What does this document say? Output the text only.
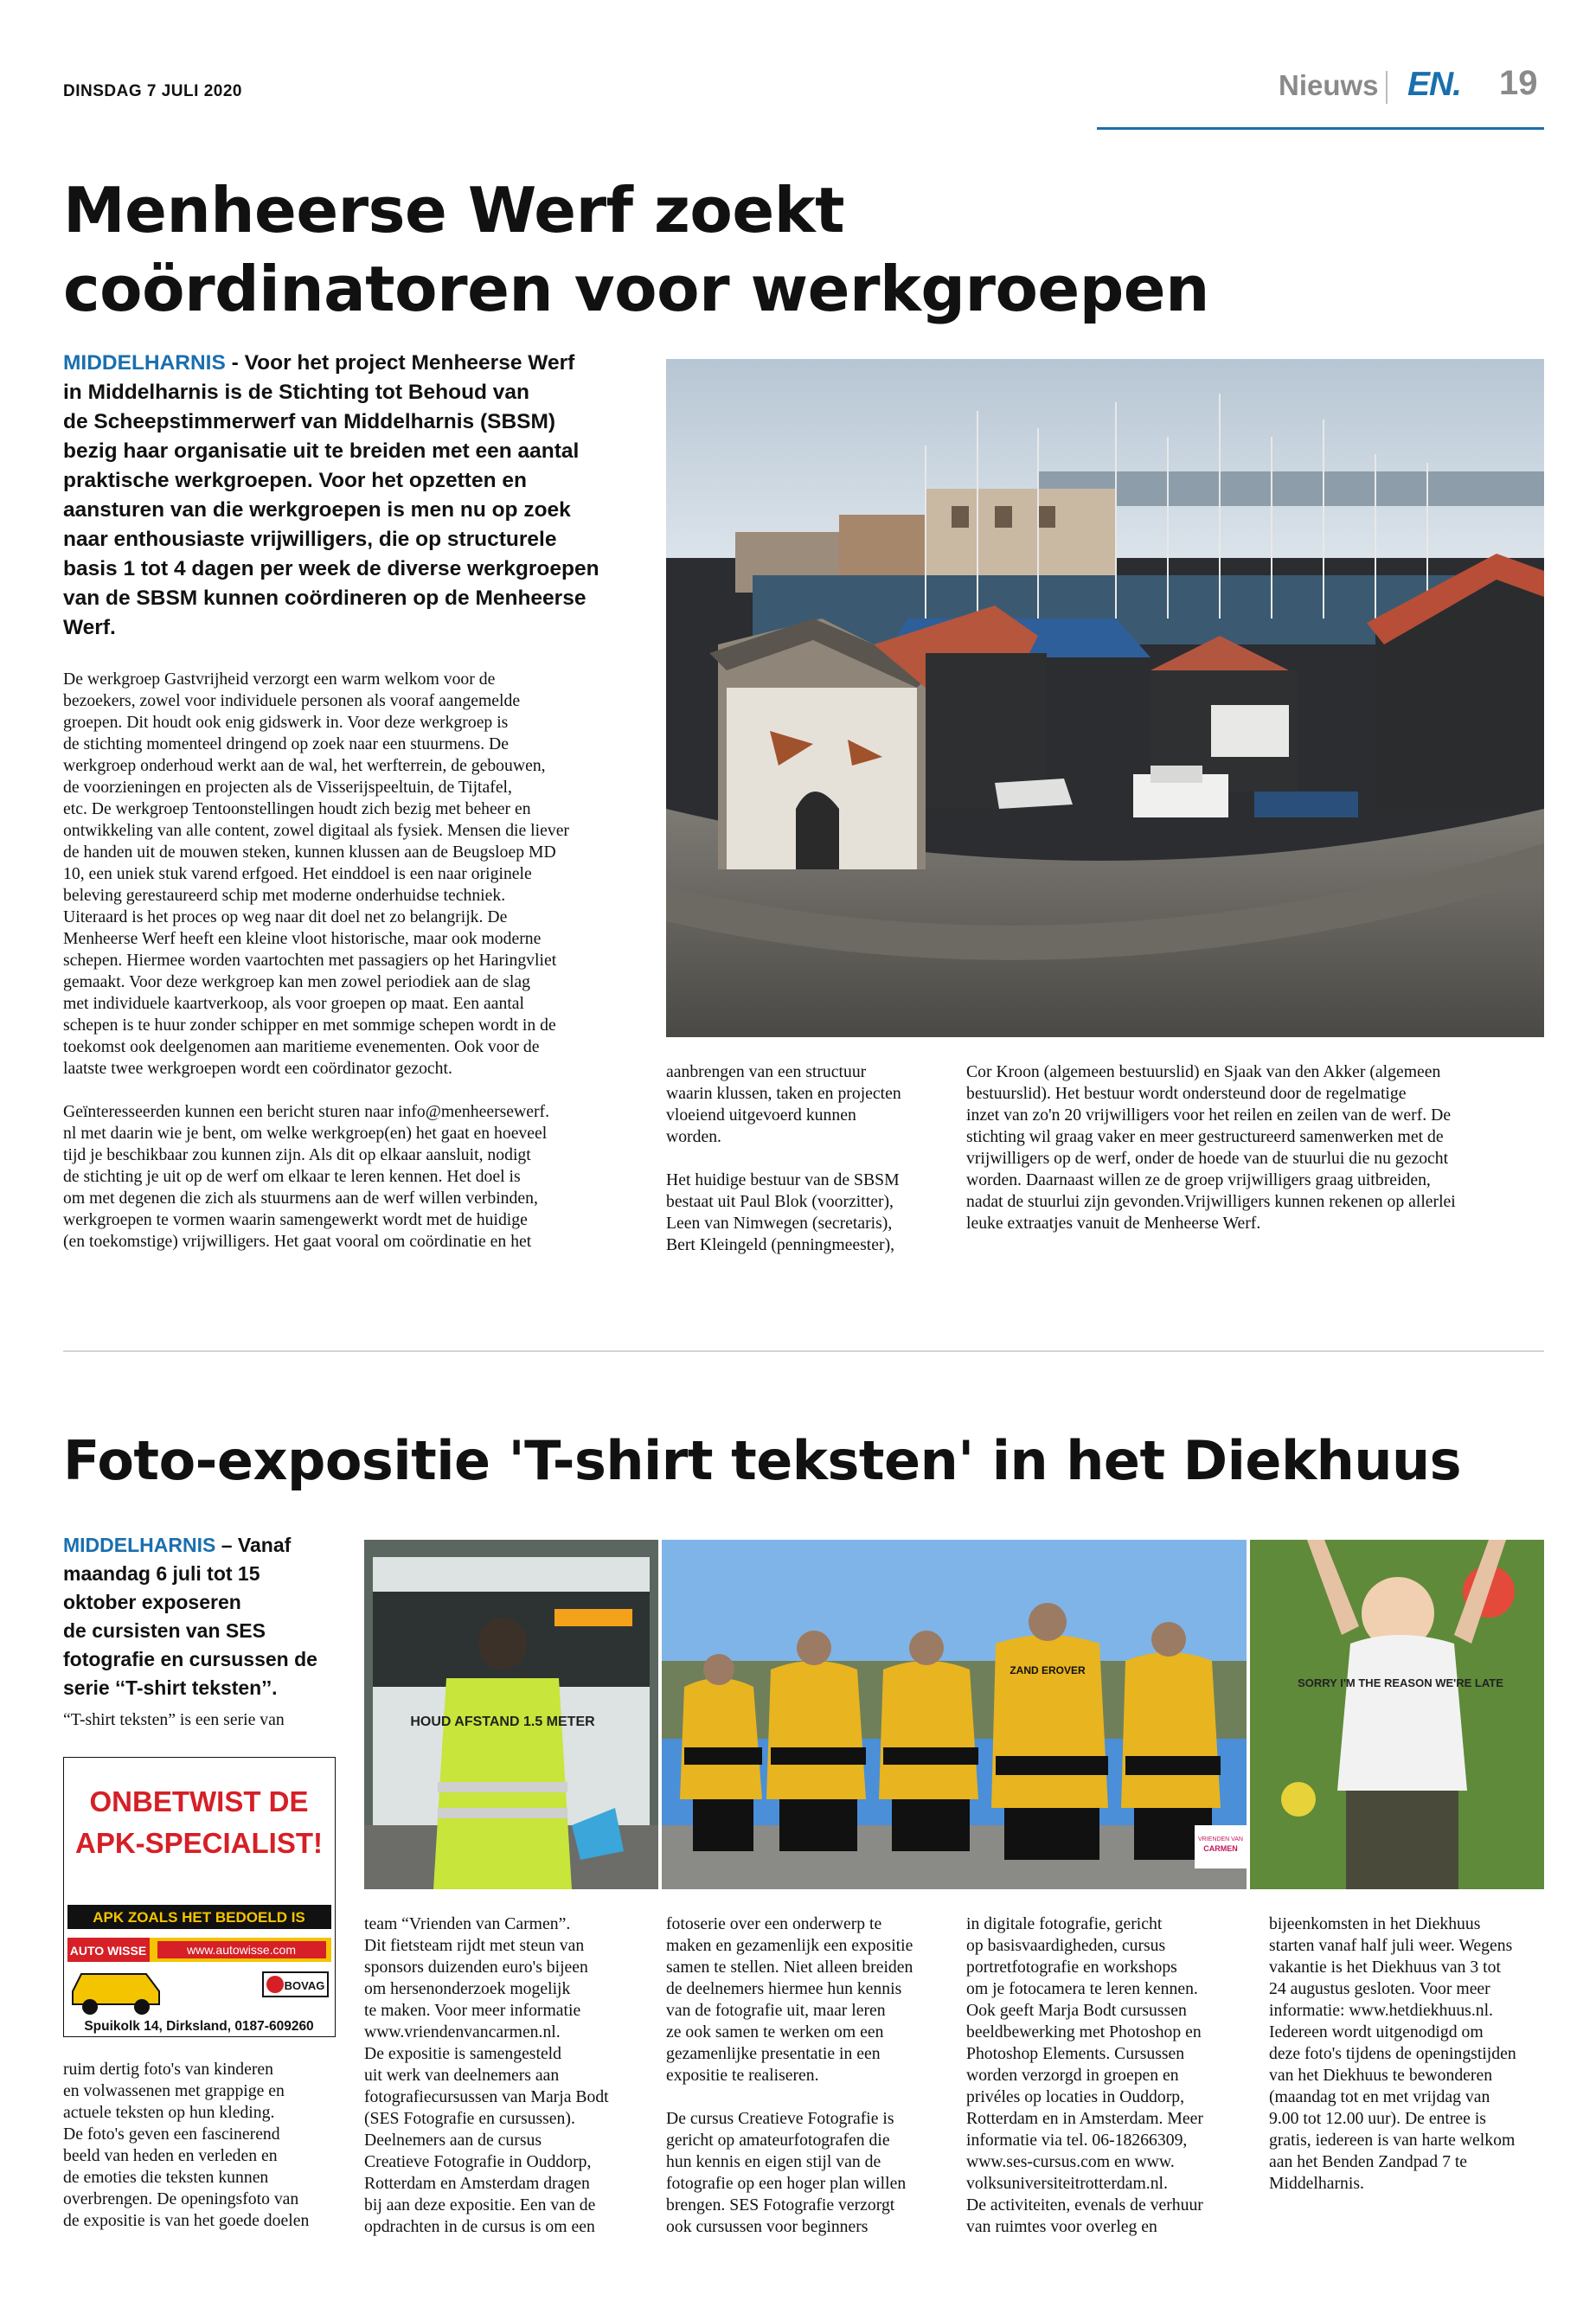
DINSDAG 7 JULI 2020	Nieuws EN. 19
Menheerse Werf zoekt
coördinatoren voor werkgroepen
MIDDELHARNIS - Voor het project Menheerse Werf
in Middelharnis is de Stichting tot Behoud van
de Scheepstimmerwerf van Middelharnis (SBSM)
bezig haar organisatie uit te breiden met een aantal
praktische werkgroepen. Voor het opzetten en
aansturen van die werkgroepen is men nu op zoek
naar enthousiaste vrijwilligers, die op structurele
basis 1 tot 4 dagen per week de diverse werkgroepen
van de SBSM kunnen coördineren op de Menheerse
Werf.

De werkgroep Gastvrijheid verzorgt een warm welkom voor de
bezoekers, zowel voor individuele personen als vooraf aangemelde
groepen. Dit houdt ook enig gidswerk in. Voor deze werkgroep is
de stichting momenteel dringend op zoek naar een stuurmens. De
werkgroep onderhoud werkt aan de wal, het werfterrein, de gebouwen,
de voorzieningen en projecten als de Visserijspeeltuin, de Tijtafel,
etc. De werkgroep Tentoonstellingen houdt zich bezig met beheer en
ontwikkeling van alle content, zowel digitaal als fysiek. Mensen die liever
de handen uit de mouwen steken, kunnen klussen aan de Beugsloep MD
10, een uniek stuk varend erfgoed. Het einddoel is een naar originele
beleving gerestaureerd schip met moderne onderhuidse techniek.
Uiteraard is het proces op weg naar dit doel net zo belangrijk. De
Menheerse Werf heeft een kleine vloot historische, maar ook moderne
schepen. Hiermee worden vaartochten met passagiers op het Haringvliet
gemaakt. Voor deze werkgroep kan men zowel periodiek aan de slag
met individuele kaartverkoop, als voor groepen op maat. Een aantal
schepen is te huur zonder schipper en met sommige schepen wordt in de
toekomst ook deelgenomen aan maritieme evenementen. Ook voor de
laatste twee werkgroepen wordt een coördinator gezocht.

Geïnteresseerden kunnen een bericht sturen naar info@menheersewerf.
nl met daarin wie je bent, om welke werkgroep(en) het gaat en hoeveel
tijd je beschikbaar zou kunnen zijn. Als dit op elkaar aansluit, nodigt
de stichting je uit op de werf om elkaar te leren kennen. Het doel is
om met degenen die zich als stuurmens aan de werf willen verbinden,
werkgroepen te vormen waarin samengewerkt wordt met de huidige
(en toekomstige) vrijwilligers. Het gaat vooral om coördinatie en het

aanbrengen van een structuur
waarin klussen, taken en projecten
vloeiend uitgevoerd kunnen
worden.

Het huidige bestuur van de SBSM
bestaat uit Paul Blok (voorzitter),
Leen van Nimwegen (secretaris),
Bert Kleingeld (penningmeester),

Cor Kroon (algemeen bestuurslid) en Sjaak van den Akker (algemeen
bestuurslid). Het bestuur wordt ondersteund door de regelmatige
inzet van zo'n 20 vrijwilligers voor het reilen en zeilen van de werf. De
stichting wil graag vaker en meer gestructureerd samenwerken met de
vrijwilligers op de werf, onder de hoede van de stuurlui die nu gezocht
worden. Daarnaast willen ze de groep vrijwilligers graag uitbreiden,
nadat de stuurlui zijn gevonden.Vrijwilligers kunnen rekenen op allerlei
leuke extraatjes vanuit de Menheerse Werf.

Foto-expositie 'T-shirt teksten' in het Diekhuus
MIDDELHARNIS – Vanaf
maandag 6 juli tot 15
oktober exposeren
de cursisten van SES
fotografie en cursussen de
serie ‘‘T-shirt teksten’’.
“T-shirt teksten” is een serie van	HOUD AFSTAND 1.5 METER
ZAND EROVER
VRIENDEN VAN
CARMEN
SORRY I'M THE REASON WE'RE LATE
ONBETWIST DE
APK-SPECIALIST!
APK ZOALS HET BEDOELD IS
AUTO WISSE	www.autowisse.com
BOVAG
Spuikolk 14, Dirksland, 0187-609260

ruim dertig foto's van kinderen
en volwassenen met grappige en
actuele teksten op hun kleding.
De foto's geven een fascinerend
beeld van heden en verleden en
de emoties die teksten kunnen
overbrengen. De openingsfoto van
de expositie is van het goede doelen

team “Vrienden van Carmen”.
Dit fietsteam rijdt met steun van
sponsors duizenden euro's bijeen
om hersenonderzoek mogelijk
te maken. Voor meer informatie
www.vriendenvancarmen.nl.
De expositie is samengesteld
uit werk van deelnemers aan
fotografiecursussen van Marja Bodt
(SES Fotografie en cursussen).
Deelnemers aan de cursus
Creatieve Fotografie in Ouddorp,
Rotterdam en Amsterdam dragen
bij aan deze expositie. Een van de
opdrachten in de cursus is om een

fotoserie over een onderwerp te
maken en gezamenlijk een expositie
samen te stellen. Niet alleen breiden
de deelnemers hiermee hun kennis
van de fotografie uit, maar leren
ze ook samen te werken om een
gezamenlijke presentatie in een
expositie te realiseren.

De cursus Creatieve Fotografie is
gericht op amateurfotografen die
hun kennis en eigen stijl van de
fotografie op een hoger plan willen
brengen. SES Fotografie verzorgt
ook cursussen voor beginners

in digitale fotografie, gericht
op basisvaardigheden, cursus
portretfotografie en workshops
om je fotocamera te leren kennen.
Ook geeft Marja Bodt cursussen
beeldbewerking met Photoshop en
Photoshop Elements. Cursussen
worden verzorgd in groepen en
privéles op locaties in Ouddorp,
Rotterdam en in Amsterdam. Meer
informatie via tel. 06-18266309,
www.ses-cursus.com en www.
volksuniversiteitrotterdam.nl.
De activiteiten, evenals de verhuur
van ruimtes voor overleg en

bijeenkomsten in het Diekhuus
starten vanaf half juli weer. Wegens
vakantie is het Diekhuus van 3 tot
24 augustus gesloten. Voor meer
informatie: www.hetdiekhuus.nl.
Iedereen wordt uitgenodigd om
deze foto's tijdens de openingstijden
van het Diekhuus te bewonderen
(maandag tot en met vrijdag van
9.00 tot 12.00 uur). De entree is
gratis, iedereen is van harte welkom
aan het Benden Zandpad 7 te
Middelharnis.
